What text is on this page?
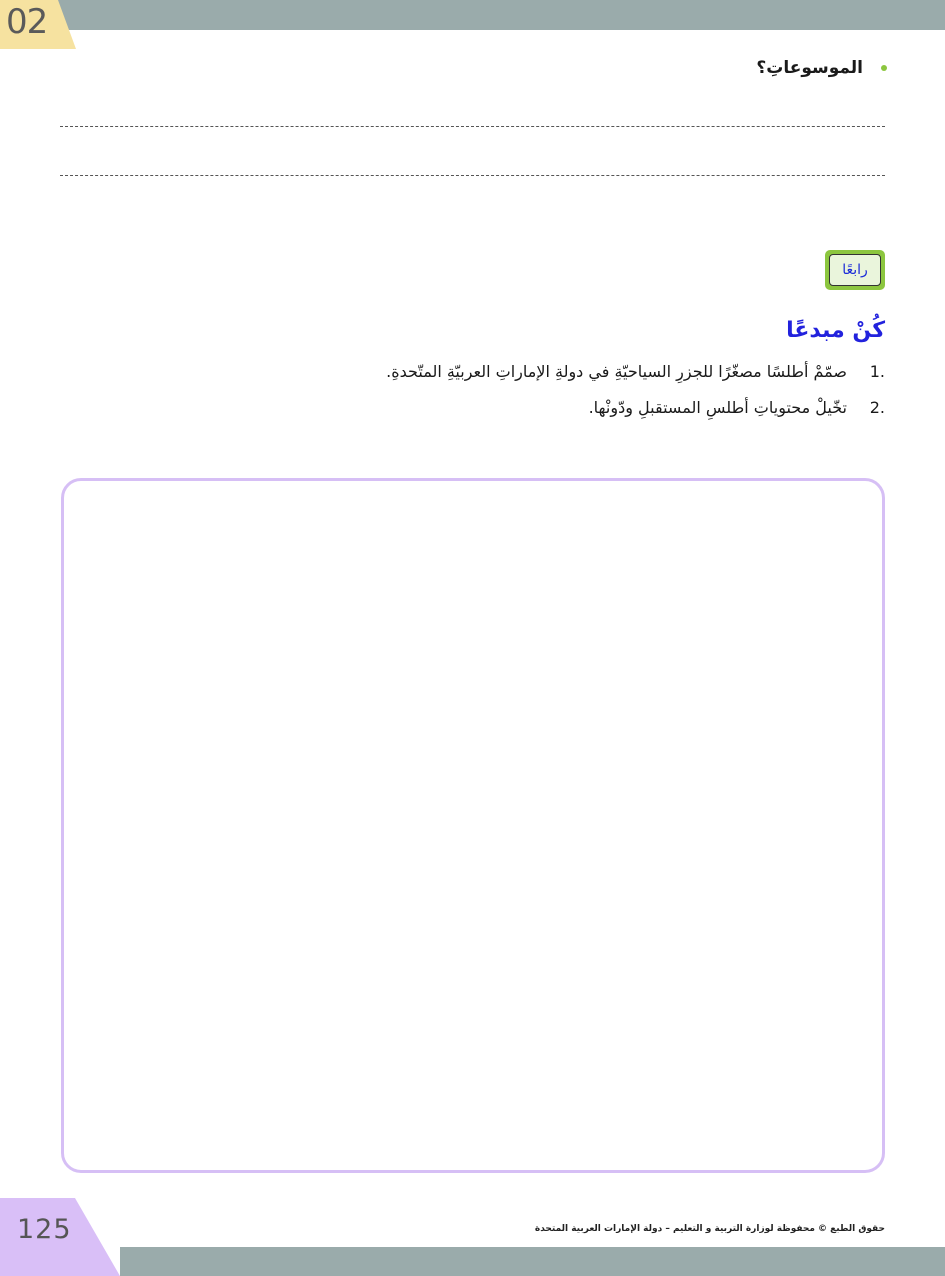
02
الموسوعاتِ؟
رابعًا
كُنْ مبدعًا
1.
صمّمْ أطلسًا مصغّرًا للجزرِ السياحيّةِ في دولةِ الإماراتِ العربيّةِ المتّحدةِ.
2.
تخّيلْ محتوياتِ أطلسِ المستقبلِ ودّونْها.
125	حقوق الطبع © محفوظة لوزارة التربية و التعليم – دولة الإمارات العربية المتحدة
